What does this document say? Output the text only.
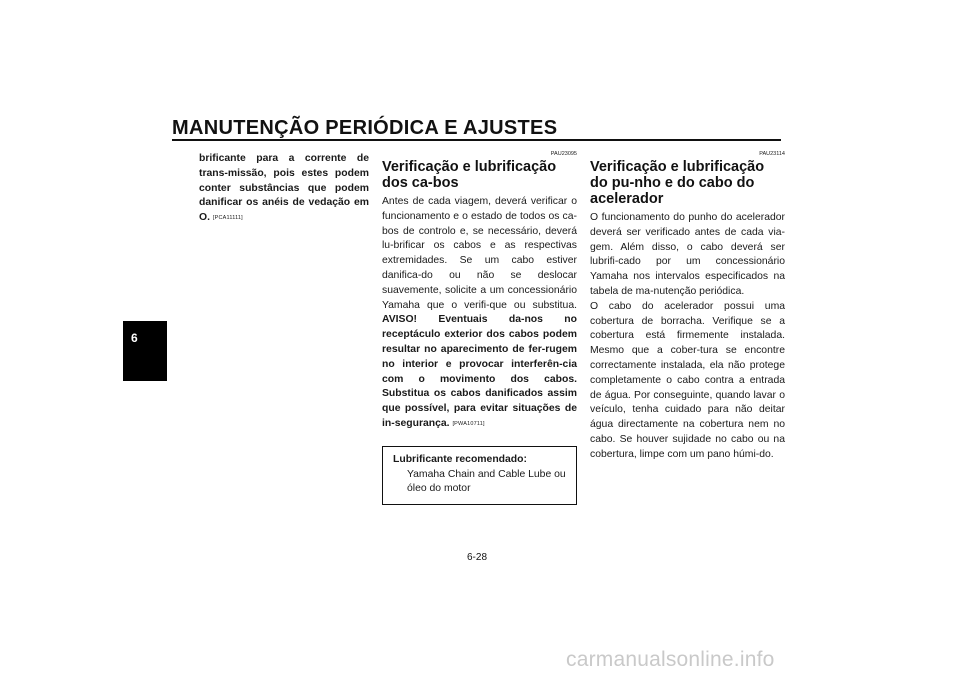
MANUTENÇÃO PERIÓDICA E AJUSTES
6

brificante para a corrente de trans-missão, pois estes podem conter substâncias que podem danificar os anéis de vedação em O. [PCA11111]

PAU23095
Verificação e lubrificação dos ca-bos

Antes de cada viagem, deverá verificar o funcionamento e o estado de todos os ca-bos de controlo e, se necessário, deverá lu-brificar os cabos e as respectivas extremidades. Se um cabo estiver danifica-do ou não se deslocar suavemente, solicite a um concessionário Yamaha que o verifi-que ou substitua. AVISO! Eventuais da-nos no receptáculo exterior dos cabos podem resultar no aparecimento de fer-rugem no interior e provocar interferên-cia com o movimento dos cabos. Substitua os cabos danificados assim que possível, para evitar situações de in-segurança. [PWA10711]

Lubrificante recomendado:
Yamaha Chain and Cable Lube ou óleo do motor
PAU23114
Verificação e lubrificação do pu-nho e do cabo do acelerador

O funcionamento do punho do acelerador deverá ser verificado antes de cada via-gem. Além disso, o cabo deverá ser lubrifi-cado por um concessionário Yamaha nos intervalos especificados na tabela de ma-nutenção periódica.

O cabo do acelerador possui uma cobertura de borracha. Verifique se a cobertura está firmemente instalada. Mesmo que a cober-tura se encontre correctamente instalada, ela não protege completamente o cabo contra a entrada de água. Por conseguinte, quando lavar o veículo, tenha cuidado para não deitar água directamente na cobertura nem no cabo. Se houver sujidade no cabo ou na cobertura, limpe com um pano húmi-do.

6-28
carmanualsonline.info
